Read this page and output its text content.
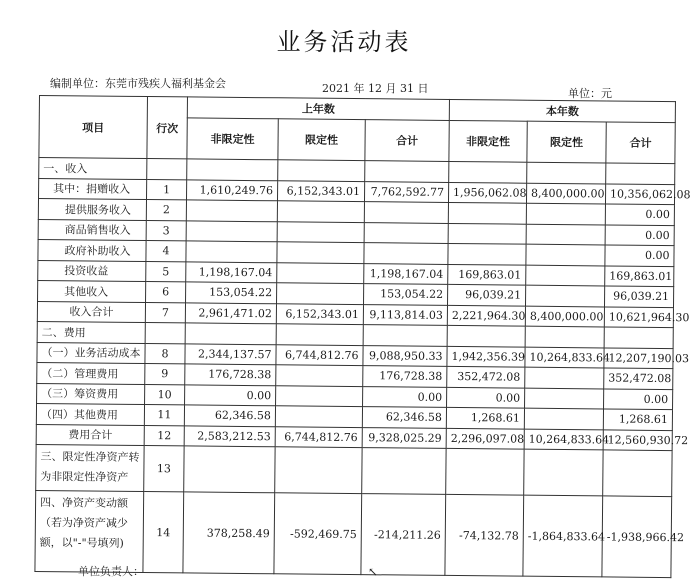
业务活动表
编制单位：东莞市残疾人福利基金会	2021 年 12 月 31 日	单位：元
项目	行次	上年数			本年数		
		非限定性	限定性	合计	非限定性	限定性	合计
一、收入							
其中：捐赠收入	1	1,610,249.76	6,152,343.01	7,762,592.77	1,956,062.08	8,400,000.00	10,356,062.08
提供服务收入	2						0.00
商品销售收入	3						0.00
政府补助收入	4						0.00
投资收益	5	1,198,167.04		1,198,167.04	169,863.01		169,863.01
其他收入	6	153,054.22		153,054.22	96,039.21		96,039.21
收入合计	7	2,961,471.02	6,152,343.01	9,113,814.03	2,221,964.30	8,400,000.00	10,621,964.30
二、费用							
（一）业务活动成本	8	2,344,137.57	6,744,812.76	9,088,950.33	1,942,356.39	10,264,833.64	12,207,190.03
（二）管理费用	9	176,728.38		176,728.38	352,472.08		352,472.08
（三）筹资费用	10	0.00		0.00	0.00		0.00
（四）其他费用	11	62,346.58		62,346.58	1,268.61		1,268.61
费用合计	12	2,583,212.53	6,744,812.76	9,328,025.29	2,296,097.08	10,264,833.64	12,560,930.72
三、限定性净资产转为非限定性净资产	13						
四、净资产变动额（若为净资产减少额，以"-"号填列)	14	378,258.49	-592,469.75	-214,211.26	-74,132.78	-1,864,833.64	-1,938,966.42
单位负责人：	↖
